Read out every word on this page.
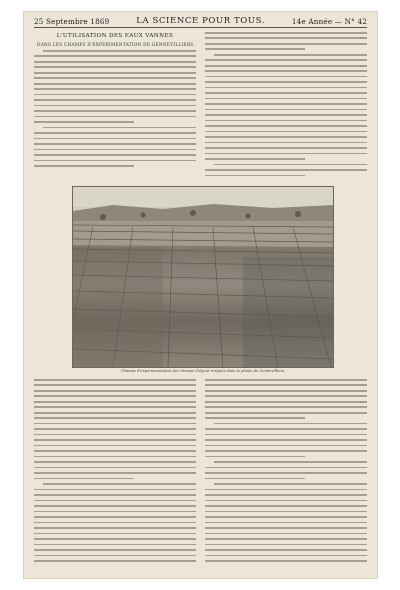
25 Septembre 1869	LA SCIENCE POUR TOUS.	14e Année — N° 42
L'UTILISATION DES EAUX VANNES
DANS LES CHAMPS D'EXPÉRIMENTATION DE GENNEVILLIERS.
Champs d'expérimentation des champs d'égout irrigués dans la plaine de Gennevilliers.
